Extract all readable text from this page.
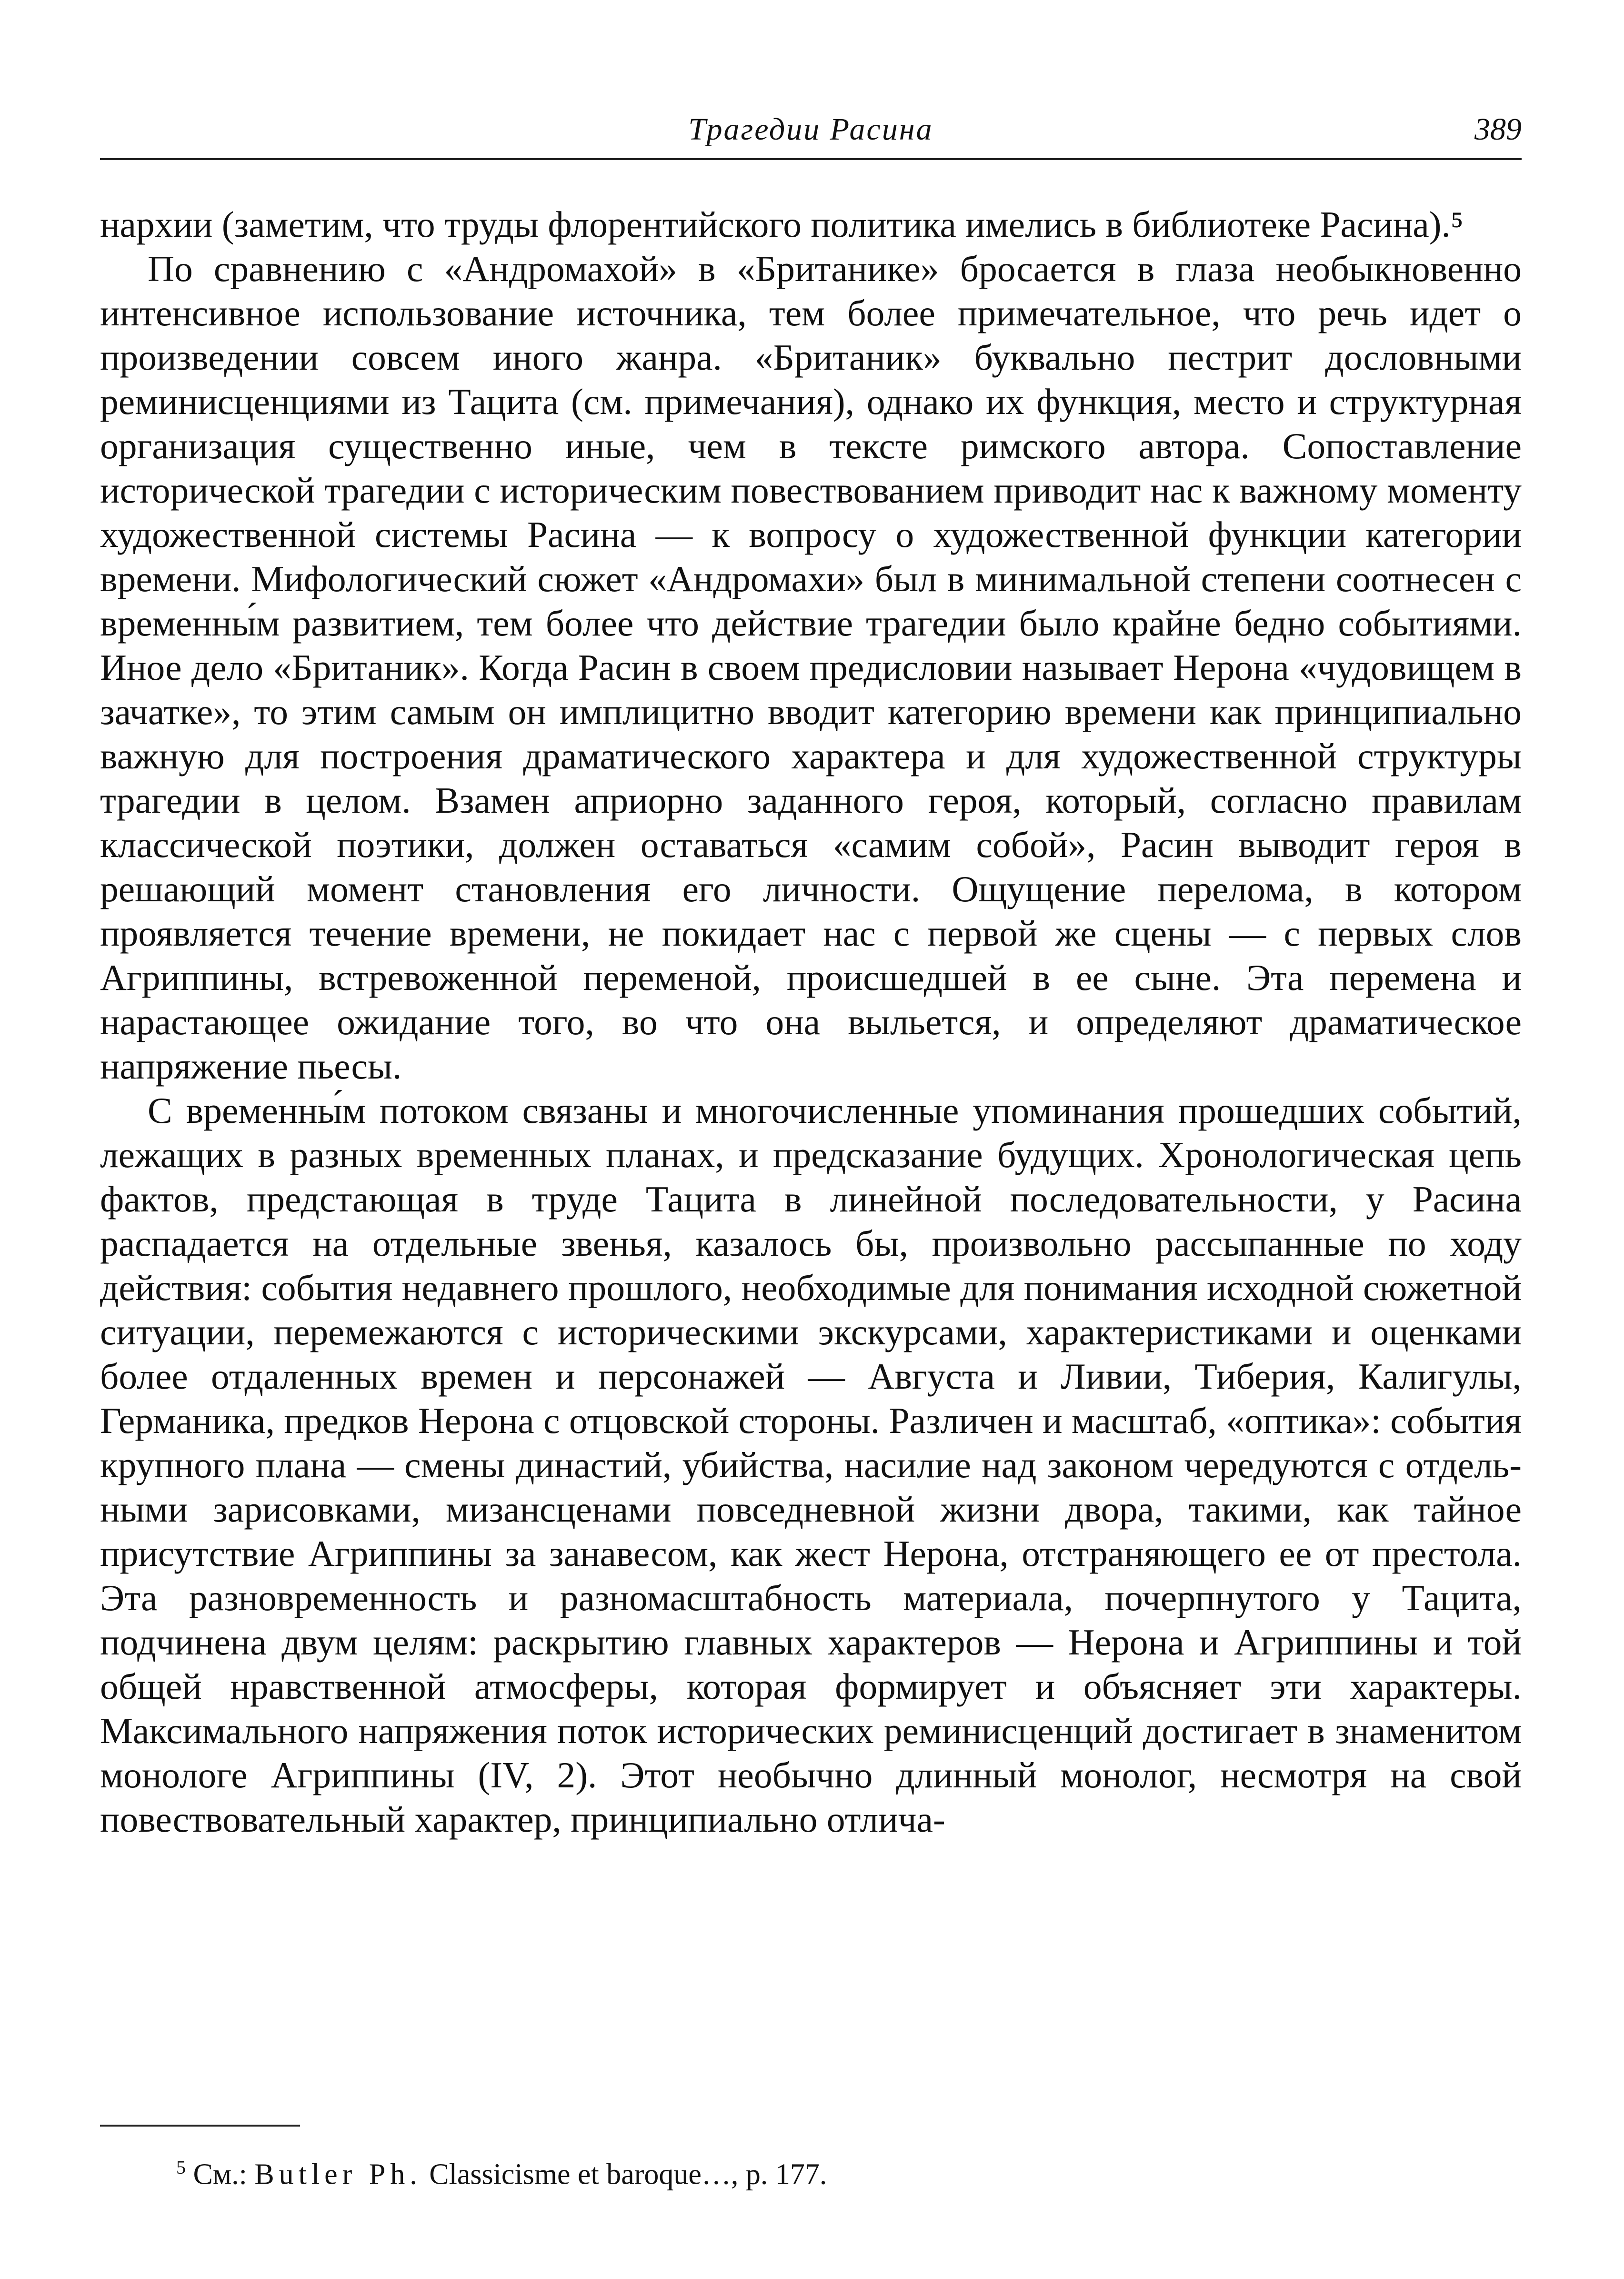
Трагедии Расина	389

нархии (заметим, что труды флорентийского политика имелись в библиотеке Расина).⁵

По сравнению с «Андромахой» в «Британике» бросается в глаза необыкновенно интенсивное использование источника, тем более примечательное, что речь идет о произведении совсем иного жанра. «Британик» буквально пестрит дословными реминисценциями из Тацита (см. примечания), однако их функция, место и структурная организация существенно иные, чем в тексте римского автора. Сопоставление исторической трагедии с историческим повествованием приводит нас к важному моменту художественной системы Расина — к вопросу о художественной функции категории времени. Мифологический сюжет «Андромахи» был в минимальной степени соотнесен с временны́м развитием, тем более что действие трагедии было крайне бедно событиями. Иное дело «Британик». Когда Расин в своем предисловии называет Нерона «чудовищем в зачатке», то этим самым он имплицитно вводит категорию времени как принципиально важную для построения драматического характера и для художественной структуры трагедии в целом. Взамен априорно заданного героя, который, согласно правилам классической поэтики, должен оставаться «самим собой», Расин выводит героя в решающий момент становления его личности. Ощущение перелома, в котором проявляется течение времени, не покидает нас с первой же сцены — с первых слов Агриппины, встревоженной переменой, происшедшей в ее сыне. Эта перемена и нарастающее ожидание того, во что она выльется, и определяют драматическое напряжение пьесы.

С временны́м потоком связаны и многочисленные упоминания прошедших событий, лежащих в разных временных планах, и предсказание будущих. Хронологическая цепь фактов, предстающая в труде Тацита в линейной последовательности, у Расина распадается на отдельные звенья, казалось бы, произвольно рассыпанные по ходу действия: события недавнего прошлого, необходимые для понимания исходной сюжетной ситуации, перемежаются с историческими экскурсами, характеристиками и оценками более отдаленных времен и персонажей — Августа и Ливии, Тиберия, Калигулы, Германика, предков Нерона с отцовской стороны. Различен и масштаб, «оптика»: события крупного плана — смены династий, убийства, насилие над законом чередуются с отдельными зарисовками, мизансценами повседневной жизни двора, такими, как тайное присутствие Агриппины за занавесом, как жест Нерона, отстраняющего ее от престола. Эта разновременность и разномасштабность материала, почерпнутого у Тацита, подчинена двум целям: раскрытию главных характеров — Нерона и Агриппины и той общей нравственной атмосферы, которая формирует и объясняет эти характеры. Максимального напряжения поток исторических реминисценций достигает в знаменитом монологе Агриппины (IV, 2). Этот необычно длинный монолог, несмотря на свой повествовательный характер, принципиально отлича-

$^5$ См.: Butler Ph. Classicisme et baroque…, p. 177.
